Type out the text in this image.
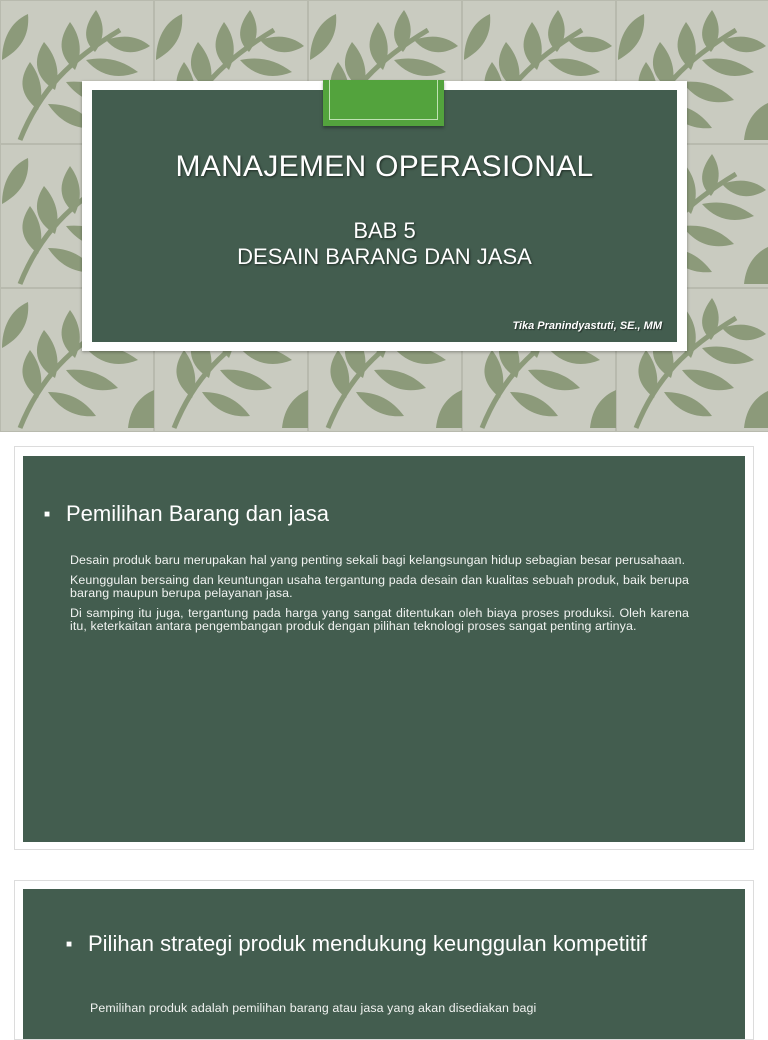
MANAJEMEN OPERASIONAL
BAB 5
DESAIN BARANG DAN JASA
Tika Pranindyastuti, SE., MM
■ Pemilihan Barang dan jasa

Desain produk baru merupakan hal yang penting sekali bagi kelangsungan hidup sebagian besar perusahaan.

Keunggulan bersaing dan keuntungan usaha tergantung pada desain dan kualitas sebuah produk, baik berupa barang maupun berupa pelayanan jasa.

Di samping itu juga, tergantung pada harga yang sangat ditentukan oleh biaya proses produksi. Oleh karena itu, keterkaitan antara pengembangan produk dengan pilihan teknologi proses sangat penting artinya.

■ Pilihan strategi produk mendukung keunggulan kompetitif

Pemilihan produk adalah pemilihan barang atau jasa yang akan disediakan bagi
